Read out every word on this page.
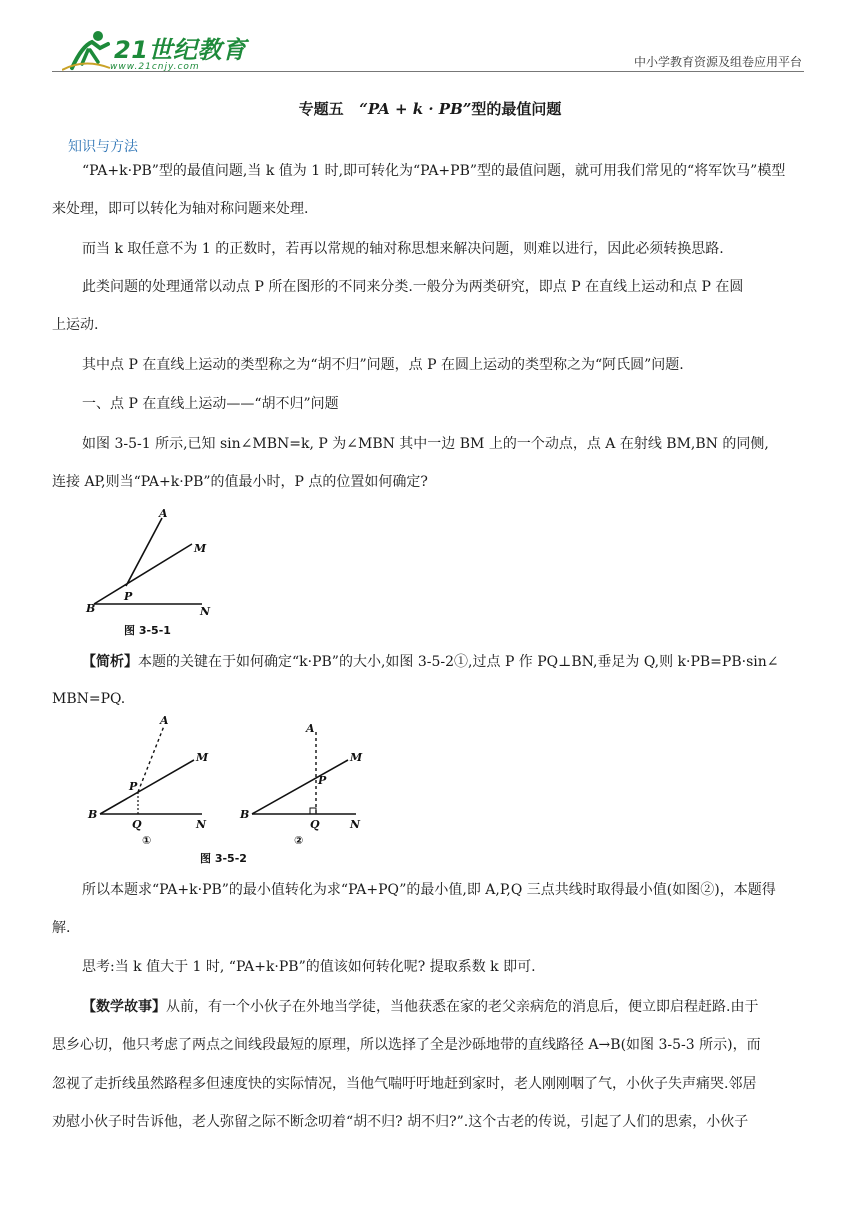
21世纪教育
www.21cnjy.com	中小学教育资源及组卷应用平台
专题五 “PA + k · PB”型的最值问题
知识与方法
“PA+k·PB”型的最值问题,当 k 值为 1 时,即可转化为“PA+PB”型的最值问题，就可用我们常见的“将军饮马”模型
来处理，即可以转化为轴对称问题来处理.
而当 k 取任意不为 1 的正数时，若再以常规的轴对称思想来解决问题，则难以进行，因此必须转换思路.
此类问题的处理通常以动点 P 所在图形的不同来分类.一般分为两类研究，即点 P 在直线上运动和点 P 在圆
上运动.
其中点 P 在直线上运动的类型称之为“胡不归”问题，点 P 在圆上运动的类型称之为“阿氏圆”问题.
一、点 P 在直线上运动——“胡不归”问题
如图 3-5-1 所示,已知 sin∠MBN=k, P 为∠MBN 其中一边 BM 上的一个动点，点 A 在射线 BM,BN 的同侧,
连接 AP,则当“PA+k·PB”的值最小时，P 点的位置如何确定?
A
M
P
B	N
图 3-5-1
【简析】本题的关键在于如何确定“k·PB”的大小,如图 3-5-2①,过点 P 作 PQ⊥BN,垂足为 Q,则 k·PB=PB·sin∠
MBN=PQ.
A
M
P
B
Q	N
①
A
M
P
B
Q	N
②
图 3-5-2
所以本题求“PA+k·PB”的最小值转化为求“PA+PQ”的最小值,即 A,P,Q 三点共线时取得最小值(如图②)，本题得
解.
思考:当 k 值大于 1 时, “PA+k·PB”的值该如何转化呢? 提取系数 k 即可.
【数学故事】从前，有一个小伙子在外地当学徒，当他获悉在家的老父亲病危的消息后，便立即启程赶路.由于
思乡心切，他只考虑了两点之间线段最短的原理，所以选择了全是沙砾地带的直线路径 A→B(如图 3-5-3 所示)，而
忽视了走折线虽然路程多但速度快的实际情况，当他气喘吁吁地赶到家时，老人刚刚咽了气，小伙子失声痛哭.邻居
劝慰小伙子时告诉他，老人弥留之际不断念叨着“胡不归? 胡不归?”.这个古老的传说，引起了人们的思索，小伙子
